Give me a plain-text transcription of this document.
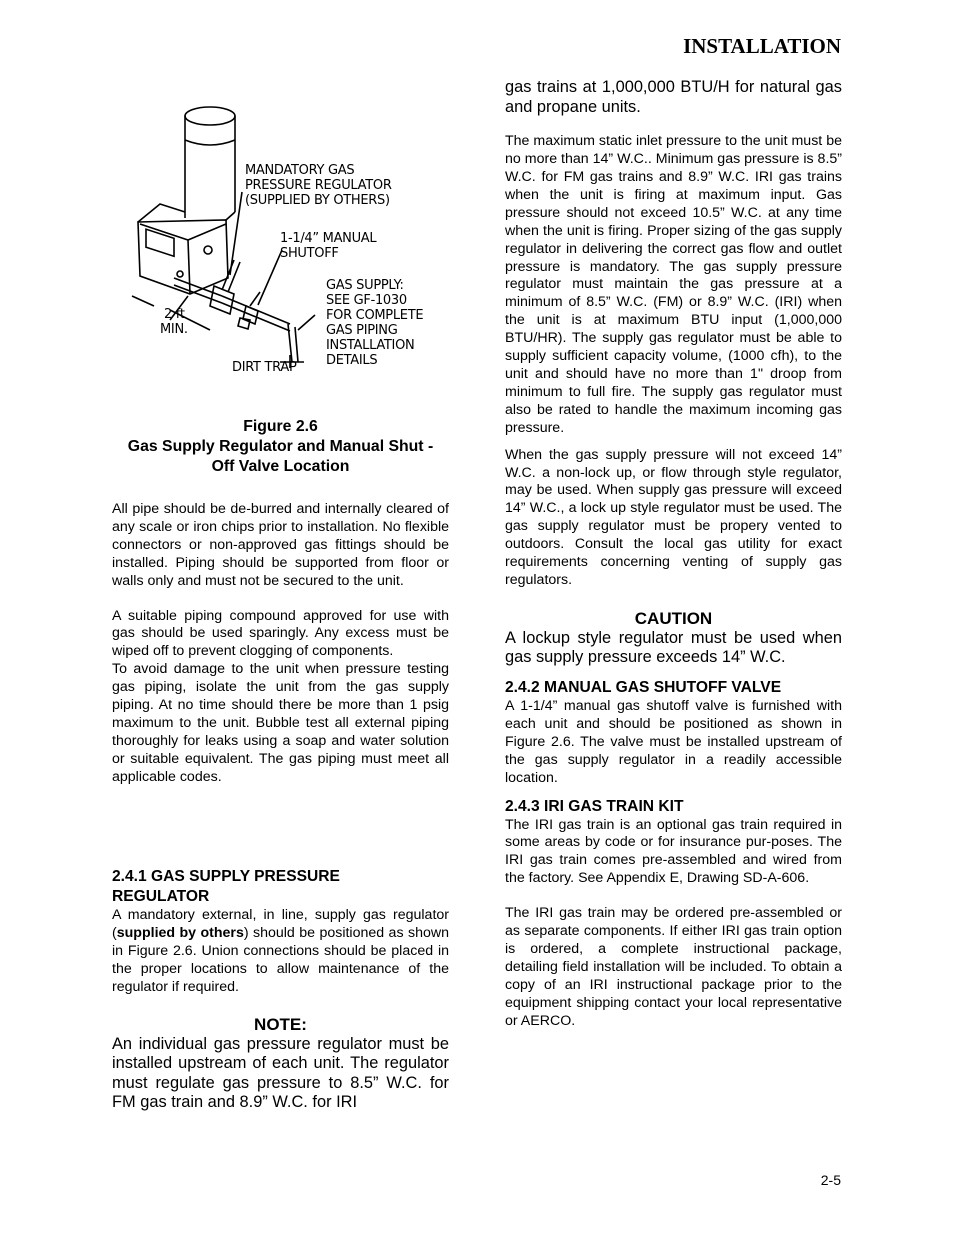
INSTALLATION
MANDATORY GAS
PRESSURE REGULATOR
(SUPPLIED BY OTHERS)
1-1/4” MANUAL
SHUTOFF
GAS SUPPLY:
SEE GF-1030
FOR COMPLETE
GAS PIPING
INSTALLATION
DETAILS
2 ft
MIN.
DIRT TRAP
Figure 2.6
Gas Supply Regulator and Manual Shut -
Off Valve Location

All pipe should be de-burred and internally cleared of any scale or iron chips prior to installation. No flexible connectors or non-approved gas fittings should be installed. Piping should be supported from floor or walls only and must not be secured to the unit.

A suitable piping compound approved for use with gas should be used sparingly. Any excess must be wiped off to prevent clogging of components.

To avoid damage to the unit when pressure testing gas piping, isolate the unit from the gas supply piping. At no time should there be more than 1 psig maximum to the unit. Bubble test all external piping thoroughly for leaks using a soap and water solution or suitable equivalent. The gas piping must meet all applicable codes.

2.4.1 GAS SUPPLY PRESSURE
REGULATOR

A mandatory external, in line, supply gas regulator (supplied by others) should be positioned as shown in Figure 2.6. Union connections should be placed in the proper locations to allow maintenance of the regulator if required.

NOTE:

An individual gas pressure regulator must be installed upstream of each unit. The regulator must regulate gas pressure to 8.5” W.C. for FM gas train and 8.9” W.C. for IRI

gas trains at 1,000,000 BTU/H for natural gas and propane units.

The maximum static inlet pressure to the unit must be no more than 14” W.C.. Minimum gas pressure is 8.5” W.C. for FM gas trains and 8.9” W.C. IRI gas trains when the unit is firing at maximum input. Gas pressure should not exceed 10.5” W.C. at any time when the unit is firing. Proper sizing of the gas supply regulator in delivering the correct gas flow and outlet pressure is mandatory. The gas supply pressure regulator must maintain the gas pressure at a minimum of 8.5” W.C. (FM) or 8.9” W.C. (IRI) when the unit is at maximum BTU input (1,000,000 BTU/HR). The supply gas regulator must be able to supply sufficient capacity volume, (1000 cfh), to the unit and should have no more than 1" droop from minimum to full fire. The supply gas regulator must also be rated to handle the maximum incoming gas pressure.

When the gas supply pressure will not exceed 14” W.C. a non-lock up, or flow through style regulator, may be used. When supply gas pressure will exceed 14” W.C., a lock up style regulator must be used. The gas supply regulator must be propery vented to outdoors. Consult the local gas utility for exact requirements concerning venting of supply gas regulators.

CAUTION

A lockup style regulator must be used when gas supply pressure exceeds 14” W.C.

2.4.2 MANUAL GAS SHUTOFF VALVE

A 1-1/4” manual gas shutoff valve is furnished with each unit and should be positioned as shown in Figure 2.6. The valve must be installed upstream of the gas supply regulator in a readily accessible location.

2.4.3 IRI GAS TRAIN KIT

The IRI gas train is an optional gas train required in some areas by code or for insurance pur-poses. The IRI gas train comes pre-assembled and wired from the factory. See Appendix E, Drawing SD-A-606.

The IRI gas train may be ordered pre-assembled or as separate components. If either IRI gas train option is ordered, a complete instructional package, detailing field installation will be included. To obtain a copy of an IRI instructional package prior to the equipment shipping contact your local representative or AERCO.

2-5
